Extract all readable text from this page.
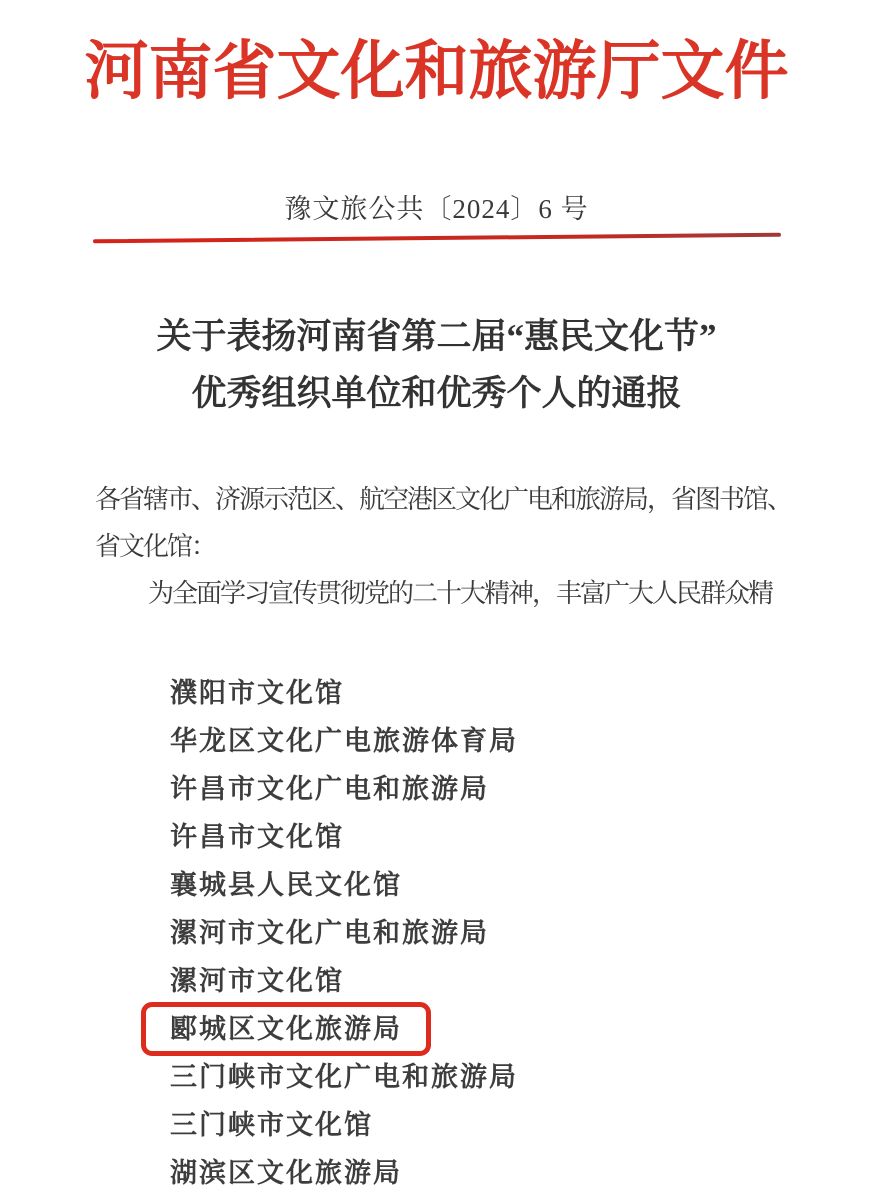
河南省文化和旅游厅文件
豫文旅公共〔2024〕6 号
关于表扬河南省第二届“惠民文化节”
优秀组织单位和优秀个人的通报
各省辖市、济源示范区、航空港区文化广电和旅游局，省图书馆、
省文化馆：
为全面学习宣传贯彻党的二十大精神，丰富广大人民群众精
濮阳市文化馆
华龙区文化广电旅游体育局
许昌市文化广电和旅游局
许昌市文化馆
襄城县人民文化馆
漯河市文化广电和旅游局
漯河市文化馆
郾城区文化旅游局
三门峡市文化广电和旅游局
三门峡市文化馆
湖滨区文化旅游局
